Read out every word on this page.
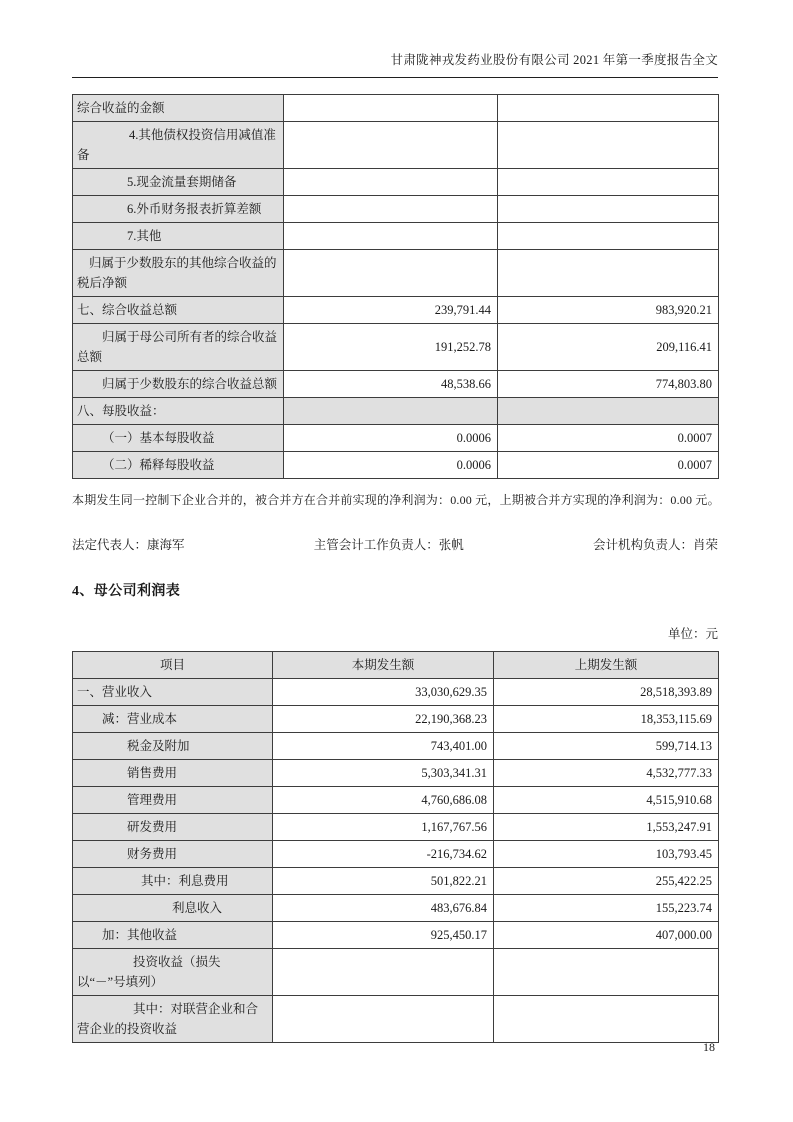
甘肃陇神戎发药业股份有限公司 2021 年第一季度报告全文
综合收益的金额		
4.其他债权投资信用减值准备		
5.现金流量套期储备		
6.外币财务报表折算差额		
7.其他		
归属于少数股东的其他综合收益的税后净额		
七、综合收益总额	239,791.44	983,920.21
归属于母公司所有者的综合收益总额	191,252.78	209,116.41
归属于少数股东的综合收益总额	48,538.66	774,803.80
八、每股收益：		
（一）基本每股收益	0.0006	0.0007
（二）稀释每股收益	0.0006	0.0007
本期发生同一控制下企业合并的，被合并方在合并前实现的净利润为：0.00 元，上期被合并方实现的净利润为：0.00 元。
法定代表人：康海军	主管会计工作负责人：张帆	会计机构负责人：肖荣
4、母公司利润表
单位：元
项目	本期发生额	上期发生额
一、营业收入	33,030,629.35	28,518,393.89
减：营业成本	22,190,368.23	18,353,115.69
税金及附加	743,401.00	599,714.13
销售费用	5,303,341.31	4,532,777.33
管理费用	4,760,686.08	4,515,910.68
研发费用	1,167,767.56	1,553,247.91
财务费用	-216,734.62	103,793.45
其中：利息费用	501,822.21	255,422.25
利息收入	483,676.84	155,223.74
加：其他收益	925,450.17	407,000.00
投资收益（损失以“－”号填列）		
其中：对联营企业和合营企业的投资收益		
18
